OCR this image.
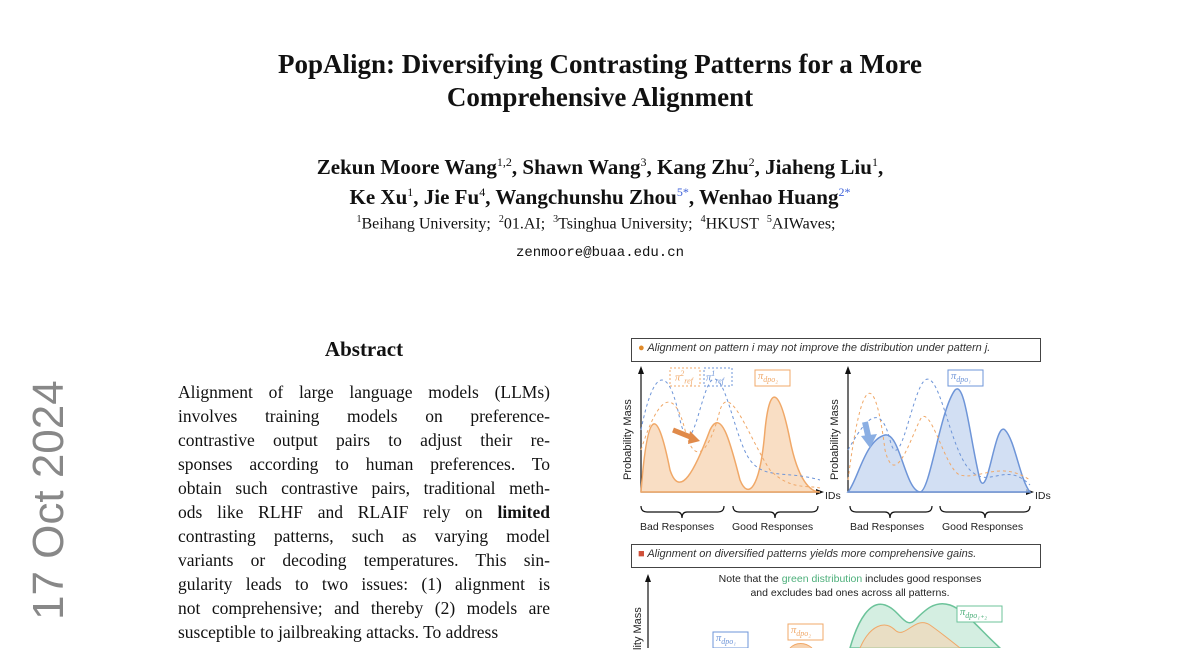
PopAlign: Diversifying Contrasting Patterns for a More
Comprehensive Alignment
Zekun Moore Wang$^{1,2}$, Shawn Wang$^3$, Kang Zhu$^2$, Jiaheng Liu$^1$,
Ke Xu$^1$, Jie Fu$^4$, Wangchunshu Zhou$^{5*}$, Wenhao Huang$^{2*}$
$^1$Beihang University; $^2$01.AI; $^3$Tsinghua University; $^4$HKUST $^5$AIWaves; 
zenmoore@buaa.edu.cn
17 Oct 2024
Abstract
Alignment of large language models (LLMs)
involves training models on preference-
contrastive output pairs to adjust their re-
sponses according to human preferences. To
obtain such contrastive pairs, traditional meth-
ods like RLHF and RLAIF rely on limited
contrasting patterns, such as varying model
variants or decoding temperatures. This sin-
gularity leads to two issues: (1) alignment is
not comprehensive; and thereby (2) models are
susceptible to jailbreaking attacks. To address
● Alignment on pattern i may not improve the distribution under pattern j.
$\pi^2_{ref}$ $\pi^1_{ref}$	$\pi_{dpo_2}$	$\pi_{dpo_1}$
$\pi_{dpo_1}$
$\pi_{dpo_2}$
$\pi_{dpo_{1+2}}$
Probability Mass	Probability Mass
lity Mass
IDs	IDs
Bad Responses Good Responses	Bad Responses Good Responses
■ Alignment on diversified patterns yields more comprehensive gains.
Note that the green distribution includes good responses
and excludes bad ones across all patterns.
